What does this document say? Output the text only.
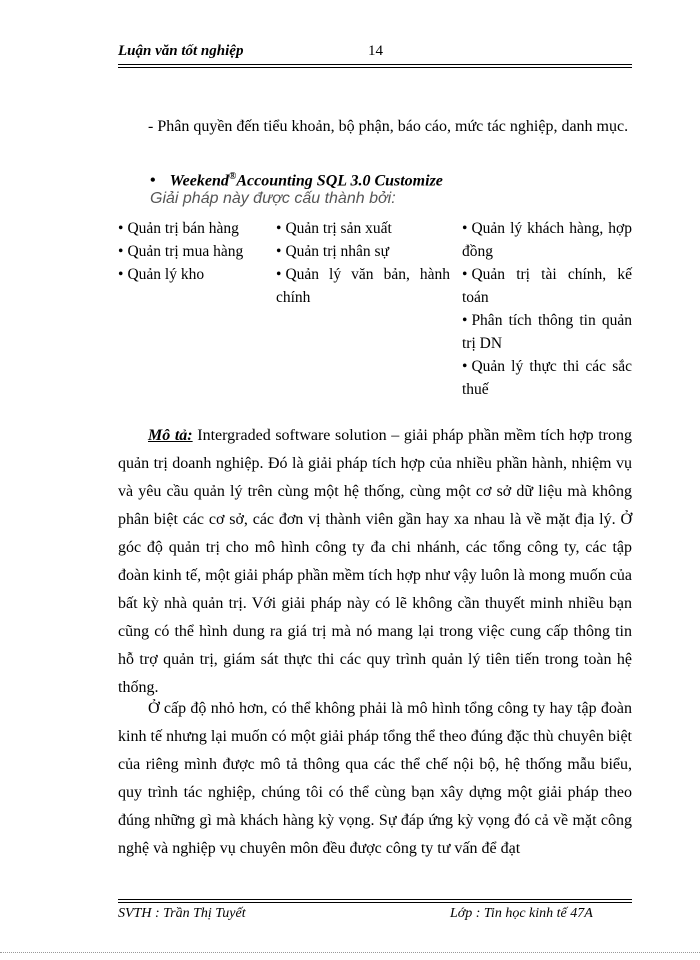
Luận văn tốt nghiệp	14
- Phân quyền đến tiểu khoản, bộ phận, báo cáo, mức tác nghiệp, danh mục.
• Weekend®Accounting SQL 3.0 Customize
Giải pháp này được cấu thành bởi:
• Quản trị bán hàng
• Quản trị mua hàng
• Quản lý kho
• Quản trị sản xuất
• Quản trị nhân sự
• Quản lý văn bản, hành chính
• Quản lý khách hàng, hợp đồng
• Quản trị tài chính, kế toán
• Phân tích thông tin quản trị DN
• Quản lý thực thi các sắc thuế
Mô tả: Intergraded software solution – giải pháp phần mềm tích hợp trong quản trị doanh nghiệp. Đó là giải pháp tích hợp của nhiều phần hành, nhiệm vụ và yêu cầu quản lý trên cùng một hệ thống, cùng một cơ sở dữ liệu mà không phân biệt các cơ sở, các đơn vị thành viên gần hay xa nhau là về mặt địa lý. Ở góc độ quản trị cho mô hình công ty đa chi nhánh, các tổng công ty, các tập đoàn kinh tế, một giải pháp phần mềm tích hợp như vậy luôn là mong muốn của bất kỳ nhà quản trị. Với giải pháp này có lẽ không cần thuyết minh nhiều bạn cũng có thể hình dung ra giá trị mà nó mang lại trong việc cung cấp thông tin hỗ trợ quản trị, giám sát thực thi các quy trình quản lý tiên tiến trong toàn hệ thống.
Ở cấp độ nhỏ hơn, có thể không phải là mô hình tổng công ty hay tập đoàn kinh tế nhưng lại muốn có một giải pháp tổng thể theo đúng đặc thù chuyên biệt của riêng mình được mô tả thông qua các thể chế nội bộ, hệ thống mẫu biểu, quy trình tác nghiệp, chúng tôi có thể cùng bạn xây dựng một giải pháp theo đúng những gì mà khách hàng kỳ vọng. Sự đáp ứng kỳ vọng đó cả về mặt công nghệ và nghiệp vụ chuyên môn đều được công ty tư vấn để đạt
SVTH : Trần Thị Tuyết	Lớp : Tin học kinh tế 47A
